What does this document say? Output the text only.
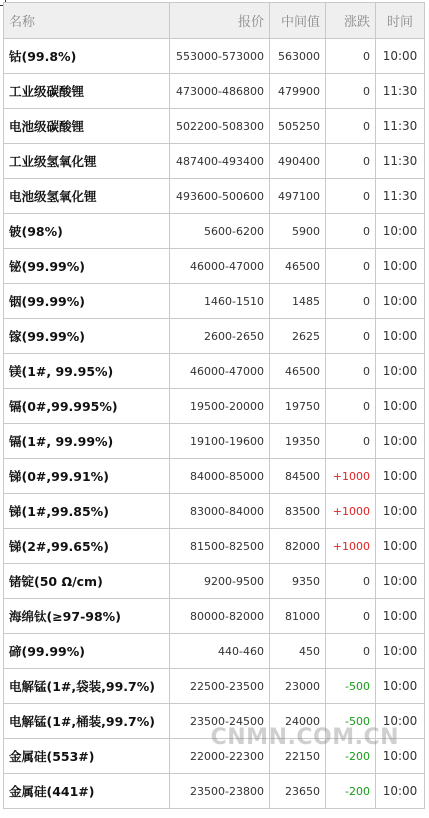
名称	报价	中间值	涨跌	时间
钴(99.8%)	553000-573000	563000	0	10:00
工业级碳酸锂	473000-486800	479900	0	11:30
电池级碳酸锂	502200-508300	505250	0	11:30
工业级氢氧化锂	487400-493400	490400	0	11:30
电池级氢氧化锂	493600-500600	497100	0	11:30
铍(98%)	5600-6200	5900	0	10:00
铋(99.99%)	46000-47000	46500	0	10:00
铟(99.99%)	1460-1510	1485	0	10:00
镓(99.99%)	2600-2650	2625	0	10:00
镁(1#, 99.95%)	46000-47000	46500	0	10:00
镉(0#,99.995%)	19500-20000	19750	0	10:00
镉(1#, 99.99%)	19100-19600	19350	0	10:00
锑(0#,99.91%)	84000-85000	84500	+1000	10:00
锑(1#,99.85%)	83000-84000	83500	+1000	10:00
锑(2#,99.65%)	81500-82500	82000	+1000	10:00
锗锭(50 Ω/cm)	9200-9500	9350	0	10:00
海绵钛(≥97-98%)	80000-82000	81000	0	10:00
碲(99.99%)	440-460	450	0	10:00
电解锰(1#,袋装,99.7%)	22500-23500	23000	-500	10:00
电解锰(1#,桶装,99.7%)	23500-24500	24000	-500	10:00
金属硅(553#)	22000-22300	22150	-200	10:00
金属硅(441#)	23500-23800	23650	-200	10:00
CNMN.COM.CN
